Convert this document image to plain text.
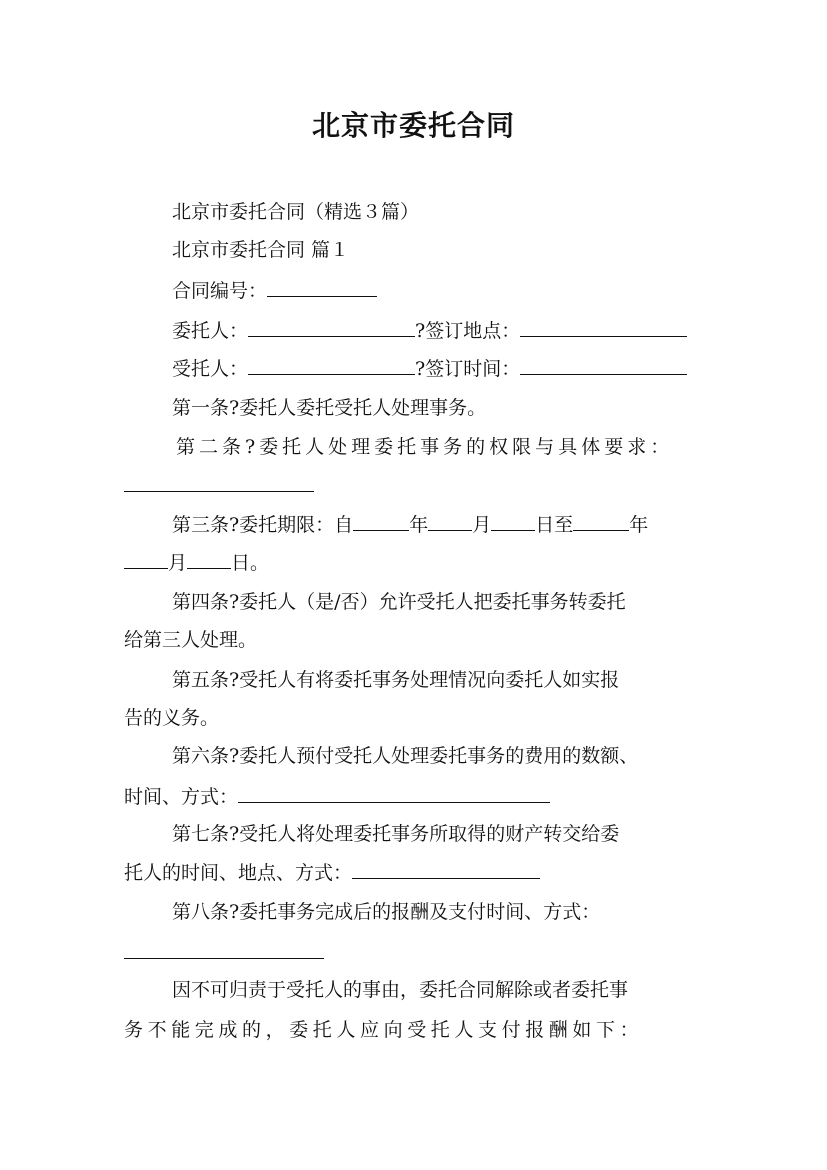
北京市委托合同
北京市委托合同（精选３篇）
北京市委托合同 篇１
合同编号：
委托人：	?签订地点：
受托人：	?签订时间：
第一条?委托人委托受托人处理事务。
第二条?委托人处理委托事务的权限与具体要求：
第三条?委托期限：自	年 月 日至	年
月 日。
第四条?委托人（是/否）允许受托人把委托事务转委托
给第三人处理。
第五条?受托人有将委托事务处理情况向委托人如实报
告的义务。
第六条?委托人预付受托人处理委托事务的费用的数额、
时间、方式：
第七条?受托人将处理委托事务所取得的财产转交给委
托人的时间、地点、方式：
第八条?委托事务完成后的报酬及支付时间、方式：
因不可归责于受托人的事由，委托合同解除或者委托事
务不能完成的，委托人应向受托人支付报酬如下：
